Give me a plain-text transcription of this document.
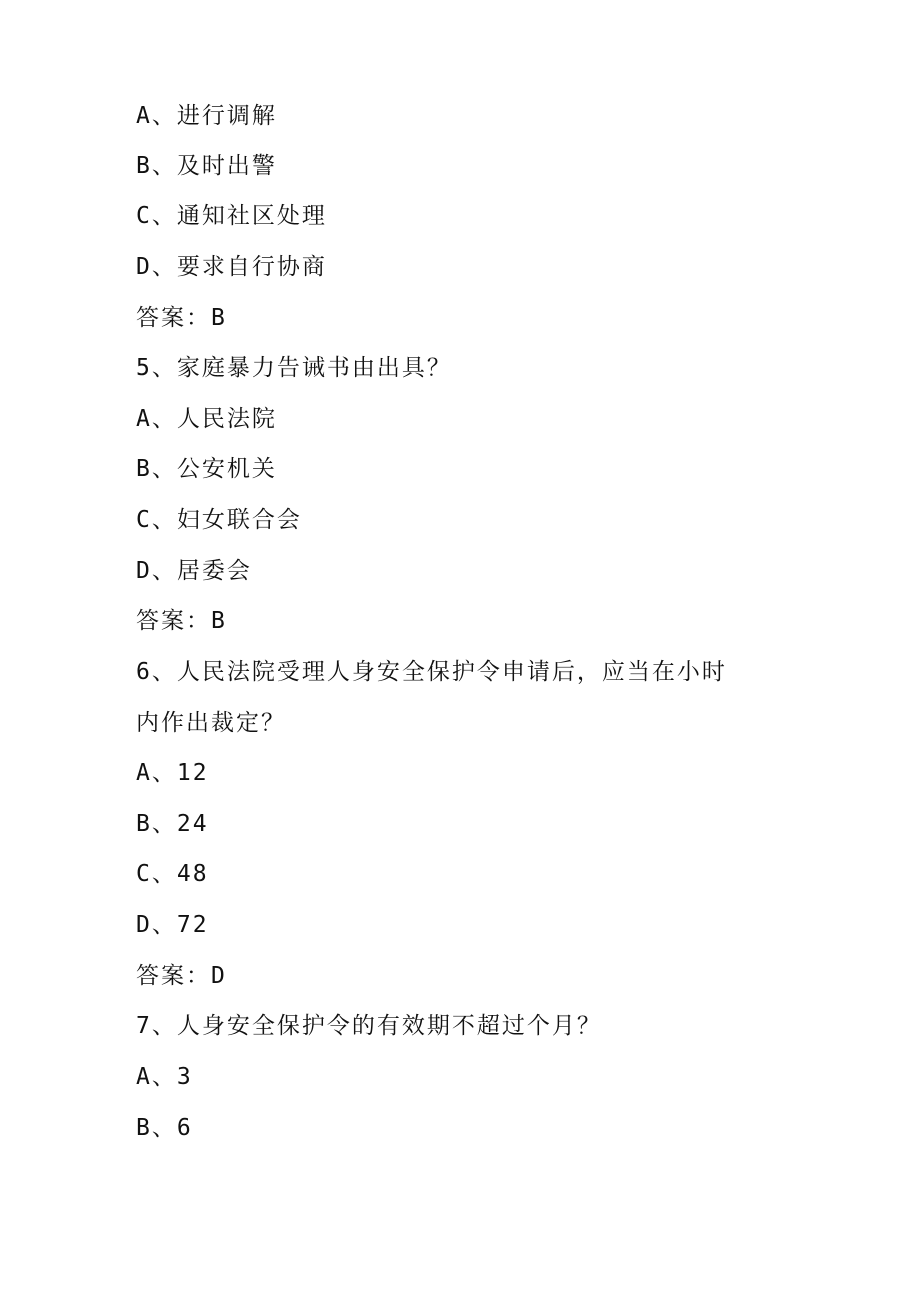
A、进行调解
B、及时出警
C、通知社区处理
D、要求自行协商
答案：B
5、家庭暴力告诫书由出具？
A、人民法院
B、公安机关
C、妇女联合会
D、居委会
答案：B
6、人民法院受理人身安全保护令申请后，应当在小时
内作出裁定？
A、12
B、24
C、48
D、72
答案：D
7、人身安全保护令的有效期不超过个月？
A、3
B、6
